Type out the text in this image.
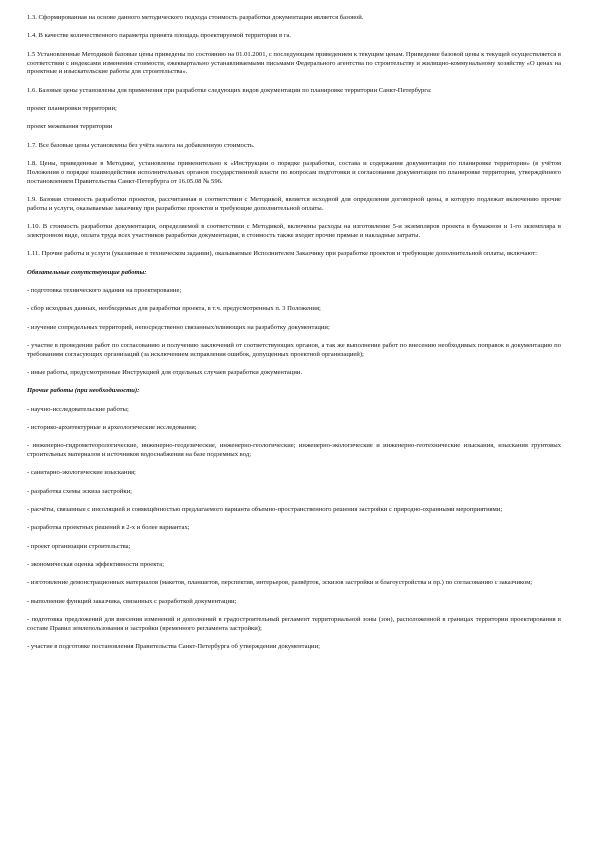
1.3. Сформированная на основе данного методического подхода стоимость разработки документации является базовой.

1.4. В качестве количественного параметра принята площадь проектируемой территории в га.

1.5 Установленные Методикой базовые цены приведены по состоянию на 01.01.2001, с последующим приведением к текущим ценам. Приведение базовой цены к текущей осуществляется в соответствии с индексами изменения стоимости, ежеквартально устанавливаемыми письмами Федерального агентства по строительству и жилищно-коммунальному хозяйству «О ценах на проектные и изыскательские работы для строительства».

1.6. Базовые цены установлены для применения при разработке следующих видов документации по планировке территории Санкт-Петербурга:

проект планировки территории;

проект межевания территории

1.7. Все базовые цены установлены без учёта налога на добавленную стоимость.

1.8. Цены, приведенные в Методике, установлены применительно к «Инструкции о порядке разработки, состава и содержания документации по планировке территории» (в учётом Положения о порядке взаимодействия исполнительных органов государственной власти по вопросам подготовки и согласования документации по планировке территории, утверждённого постановлением Правительства Санкт-Петербурга от 16.05.08 № 596.

1.9. Базовая стоимость разработки проектов, рассчитанная в соответствии с Методикой, является исходной для определения договорной цены, в которую подлежат включению прочие работы и услуги, оказываемые заказчику при разработке проектов и требующие дополнительной оплаты.

1.10. В стоимость разработки документации, определяемой в соответствии с Методикой, включены расходы на изготовление 5-и экземпляров проекта в бумажном и 1-го экземпляра в электронном виде, оплата труда всех участников разработки документации, в стоимость также входят прочие прямые и накладные затраты.

1.11. Прочие работы и услуги (указанные в техническом задании), оказываемые Исполнителем Заказчику при разработке проектов и требующие дополнительной оплаты, включают:

Обязательные сопутствующие работы:

- подготовка технического задания на проектирование;

- сбор исходных данных, необходимых для разработки проекта, в т.ч. предусмотренных п. 3 Положения;

- изучение сопредельных территорий, непосредственно связанных/влияющих на разработку документации;

- участие в проведении работ по согласованию и получению заключений от соответствующих органов, а так же выполнение работ по внесению необходимых поправок в документацию по требованиям согласующих организаций (за исключением исправления ошибок, допущенных проектной организацией);

- иные работы, предусмотренные Инструкцией для отдельных случаев разработки документации.

Прочие работы (при необходимости):

- научно-исследовательские работы;

- историко-архитектурные и археологические исследования;

- инженерно-гидрометеорологические, инженерно-геодезические, инженерно-геологические; инженерно-экологические и инженерно-геотехнические изыскания, изыскания грунтовых строительных материалов и источников водоснабжения на базе подземных вод;

- санитарно-экологические изыскания;

- разработка схемы эскиза застройки;

- расчёты, связанные с инсоляцией и совмещённостью предлагаемого варианта объемно-пространственного решения застройки с природно-охранными мероприятиями;

- разработка проектных решений в 2-х и более вариантах;

- проект организации строительства;

- экономическая оценка эффективности проекта;

- изготовление демонстрационных материалов (макетов, планшетов, перспектив, интерьеров, развёрток, эскизов застройки и благоустройства и пр.) по согласованию с заказчиком;

- выполнение функций заказчика, связанных с разработкой документации;

- подготовка предложений для внесения изменений и дополнений в градостроительный регламент территориальной зоны (зон), расположенной в границах территории проектирования в составе Правил землепользования и застройки (временного регламента застройки);

- участие в подготовке постановления Правительства Санкт-Петербурга об утверждении документации;
